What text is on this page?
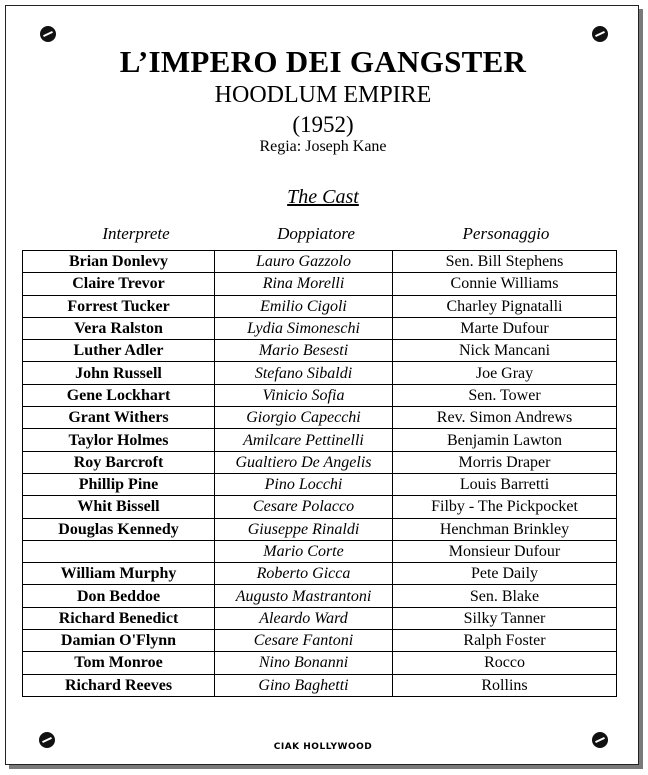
L’IMPERO DEI GANGSTER
HOODLUM EMPIRE
(1952)
Regia: Joseph Kane
The Cast
Interprete	Doppiatore	Personaggio
Brian Donlevy	Lauro Gazzolo	Sen. Bill Stephens
Claire Trevor	Rina Morelli	Connie Williams
Forrest Tucker	Emilio Cigoli	Charley Pignatalli
Vera Ralston	Lydia Simoneschi	Marte Dufour
Luther Adler	Mario Besesti	Nick Mancani
John Russell	Stefano Sibaldi	Joe Gray
Gene Lockhart	Vinicio Sofia	Sen. Tower
Grant Withers	Giorgio Capecchi	Rev. Simon Andrews
Taylor Holmes	Amilcare Pettinelli	Benjamin Lawton
Roy Barcroft	Gualtiero De Angelis	Morris Draper
Phillip Pine	Pino Locchi	Louis Barretti
Whit Bissell	Cesare Polacco	Filby - The Pickpocket
Douglas Kennedy	Giuseppe Rinaldi	Henchman Brinkley
	Mario Corte	Monsieur Dufour
William Murphy	Roberto Gicca	Pete Daily
Don Beddoe	Augusto Mastrantoni	Sen. Blake
Richard Benedict	Aleardo Ward	Silky Tanner
Damian O'Flynn	Cesare Fantoni	Ralph Foster
Tom Monroe	Nino Bonanni	Rocco
Richard Reeves	Gino Baghetti	Rollins
CIAK HOLLYWOOD
